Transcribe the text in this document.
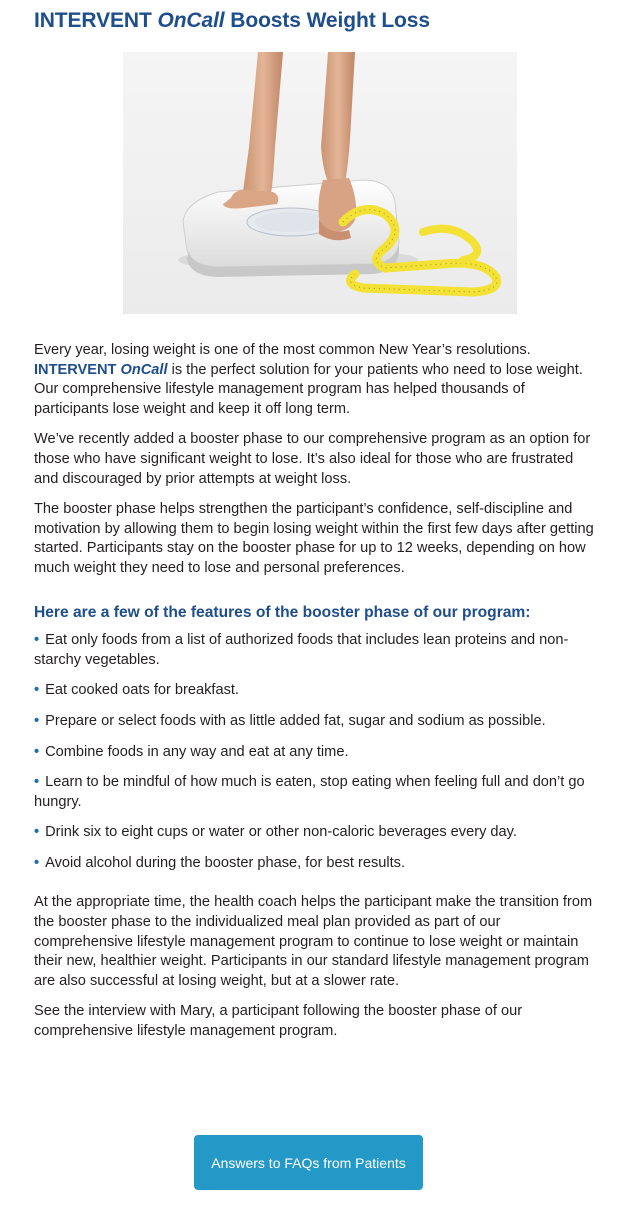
INTERVENT OnCall Boosts Weight Loss

Every year, losing weight is one of the most common New Year’s resolutions. INTERVENT OnCall is the perfect solution for your patients who need to lose weight. Our comprehensive lifestyle management program has helped thousands of participants lose weight and keep it off long term.

We’ve recently added a booster phase to our comprehensive program as an option for those who have significant weight to lose. It’s also ideal for those who are frustrated and discouraged by prior attempts at weight loss.

The booster phase helps strengthen the participant’s confidence, self-discipline and motivation by allowing them to begin losing weight within the first few days after getting started. Participants stay on the booster phase for up to 12 weeks, depending on how much weight they need to lose and personal preferences.

Here are a few of the features of the booster phase of our program:
• Eat only foods from a list of authorized foods that includes lean proteins and non-starchy vegetables.
• Eat cooked oats for breakfast.
• Prepare or select foods with as little added fat, sugar and sodium as possible.
• Combine foods in any way and eat at any time.
• Learn to be mindful of how much is eaten, stop eating when feeling full and don’t go hungry.
• Drink six to eight cups or water or other non-caloric beverages every day.
• Avoid alcohol during the booster phase, for best results.

At the appropriate time, the health coach helps the participant make the transition from the booster phase to the individualized meal plan provided as part of our comprehensive lifestyle management program to continue to lose weight or maintain their new, healthier weight. Participants in our standard lifestyle management program are also successful at losing weight, but at a slower rate.

See the interview with Mary, a participant following the booster phase of our comprehensive lifestyle management program.

Answers to FAQs from Patients
